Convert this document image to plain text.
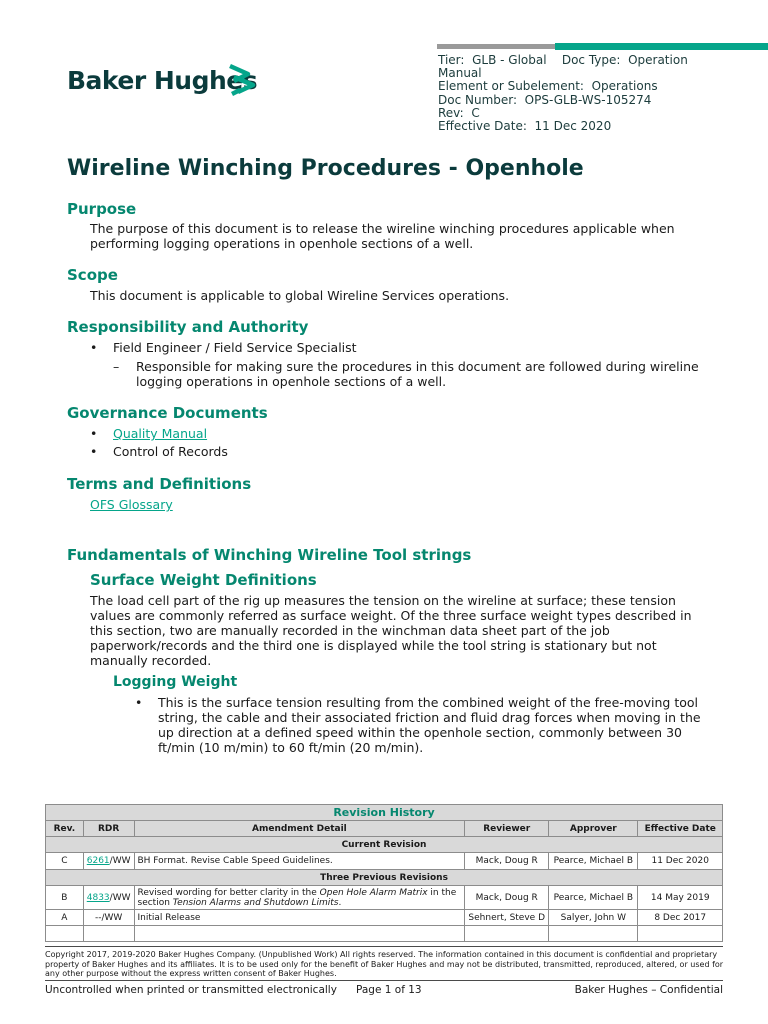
Baker Hughes
Tier: GLB - Global Doc Type: Operation
Manual
Element or Subelement: Operations
Doc Number: OPS-GLB-WS-105274
Rev: C
Effective Date: 11 Dec 2020
Wireline Winching Procedures - Openhole
Purpose
The purpose of this document is to release the wireline winching procedures applicable when
performing logging operations in openhole sections of a well.
Scope
This document is applicable to global Wireline Services operations.
Responsibility and Authority
• Field Engineer / Field Service Specialist
– Responsible for making sure the procedures in this document are followed during wireline
logging operations in openhole sections of a well.
Governance Documents
• Quality Manual
• Control of Records
Terms and Definitions
OFS Glossary
Fundamentals of Winching Wireline Tool strings
Surface Weight Definitions
The load cell part of the rig up measures the tension on the wireline at surface; these tension
values are commonly referred as surface weight. Of the three surface weight types described in
this section, two are manually recorded in the winchman data sheet part of the job
paperwork/records and the third one is displayed while the tool string is stationary but not
manually recorded.
Logging Weight
• This is the surface tension resulting from the combined weight of the free-moving tool
string, the cable and their associated friction and fluid drag forces when moving in the
up direction at a defined speed within the openhole section, commonly between 30
ft/min (10 m/min) to 60 ft/min (20 m/min).
Revision History					
Rev.	RDR	Amendment Detail	Reviewer	Approver	Effective Date
Current Revision					
C	6261/WW	BH Format. Revise Cable Speed Guidelines.	Mack, Doug R	Pearce, Michael B	11 Dec 2020
Three Previous Revisions					
B	4833/WW	Revised wording for better clarity in the Open Hole Alarm Matrix in the
section Tension Alarms and Shutdown Limits.	Mack, Doug R	Pearce, Michael B	14 May 2019
A	--/WW	Initial Release	Sehnert, Steve D	Salyer, John W	8 Dec 2017

Copyright 2017, 2019-2020 Baker Hughes Company. (Unpublished Work) All rights reserved. The information contained in this document is confidential and proprietary
property of Baker Hughes and its affiliates. It is to be used only for the benefit of Baker Hughes and may not be distributed, transmitted, reproduced, altered, or used for
any other purpose without the express written consent of Baker Hughes.
Uncontrolled when printed or transmitted electronically Page 1 of 13	Baker Hughes – Confidential
